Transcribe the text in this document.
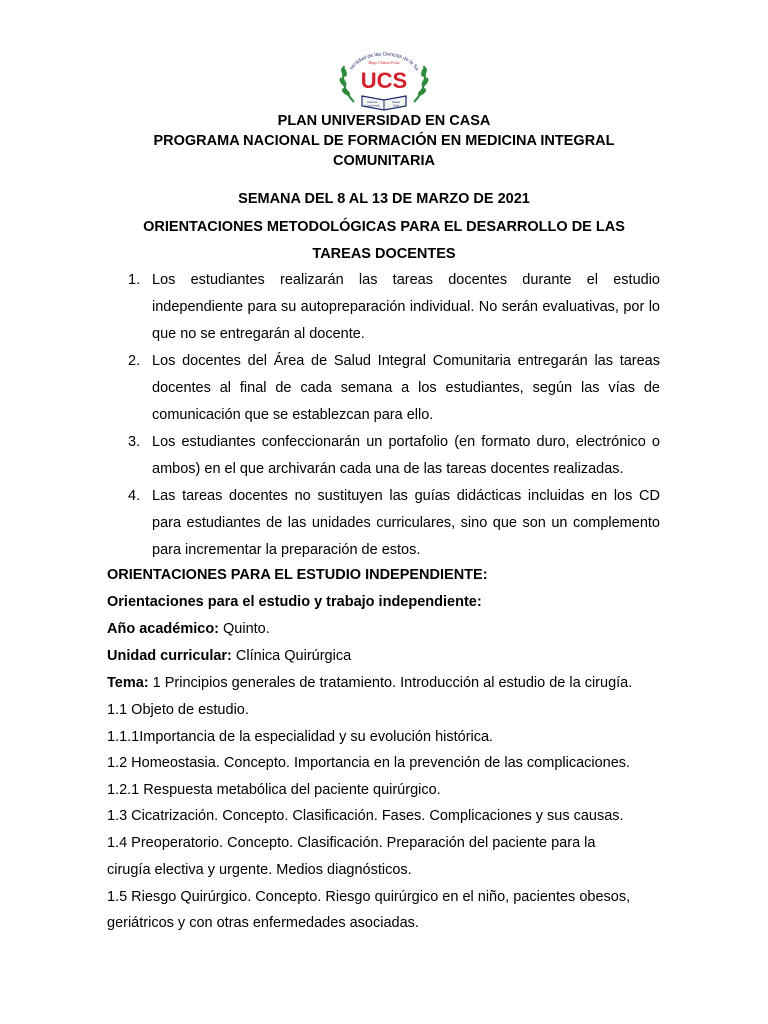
versidad de las Ciencias de la Sa
Hugo Chávez Frías
UCS
Ciencia
Conciencia
Salud
Vida
PLAN UNIVERSIDAD EN CASA
PROGRAMA NACIONAL DE FORMACIÓN EN MEDICINA INTEGRAL
COMUNITARIA
SEMANA DEL 8 AL 13 DE MARZO DE 2021
ORIENTACIONES METODOLÓGICAS PARA EL DESARROLLO DE LAS
TAREAS DOCENTES
1. Los estudiantes realizarán las tareas docentes durante el estudio independiente para su autopreparación individual. No serán evaluativas, por lo que no se entregarán al docente.
2. Los docentes del Área de Salud Integral Comunitaria entregarán las tareas docentes al final de cada semana a los estudiantes, según las vías de comunicación que se establezcan para ello.
3. Los estudiantes confeccionarán un portafolio (en formato duro, electrónico o ambos) en el que archivarán cada una de las tareas docentes realizadas.
4. Las tareas docentes no sustituyen las guías didácticas incluidas en los CD para estudiantes de las unidades curriculares, sino que son un complemento para incrementar la preparación de estos.
ORIENTACIONES PARA EL ESTUDIO INDEPENDIENTE:
Orientaciones para el estudio y trabajo independiente:
Año académico: Quinto.
Unidad curricular: Clínica Quirúrgica
Tema: 1 Principios generales de tratamiento. Introducción al estudio de la cirugía.
1.1 Objeto de estudio.
1.1.1Importancia de la especialidad y su evolución histórica.
1.2 Homeostasia. Concepto. Importancia en la prevención de las complicaciones.
1.2.1 Respuesta metabólica del paciente quirúrgico.
1.3 Cicatrización. Concepto. Clasificación. Fases. Complicaciones y sus causas.
1.4 Preoperatorio. Concepto. Clasificación. Preparación del paciente para la
cirugía electiva y urgente. Medios diagnósticos.
1.5 Riesgo Quirúrgico. Concepto. Riesgo quirúrgico en el niño, pacientes obesos,
geriátricos y con otras enfermedades asociadas.
